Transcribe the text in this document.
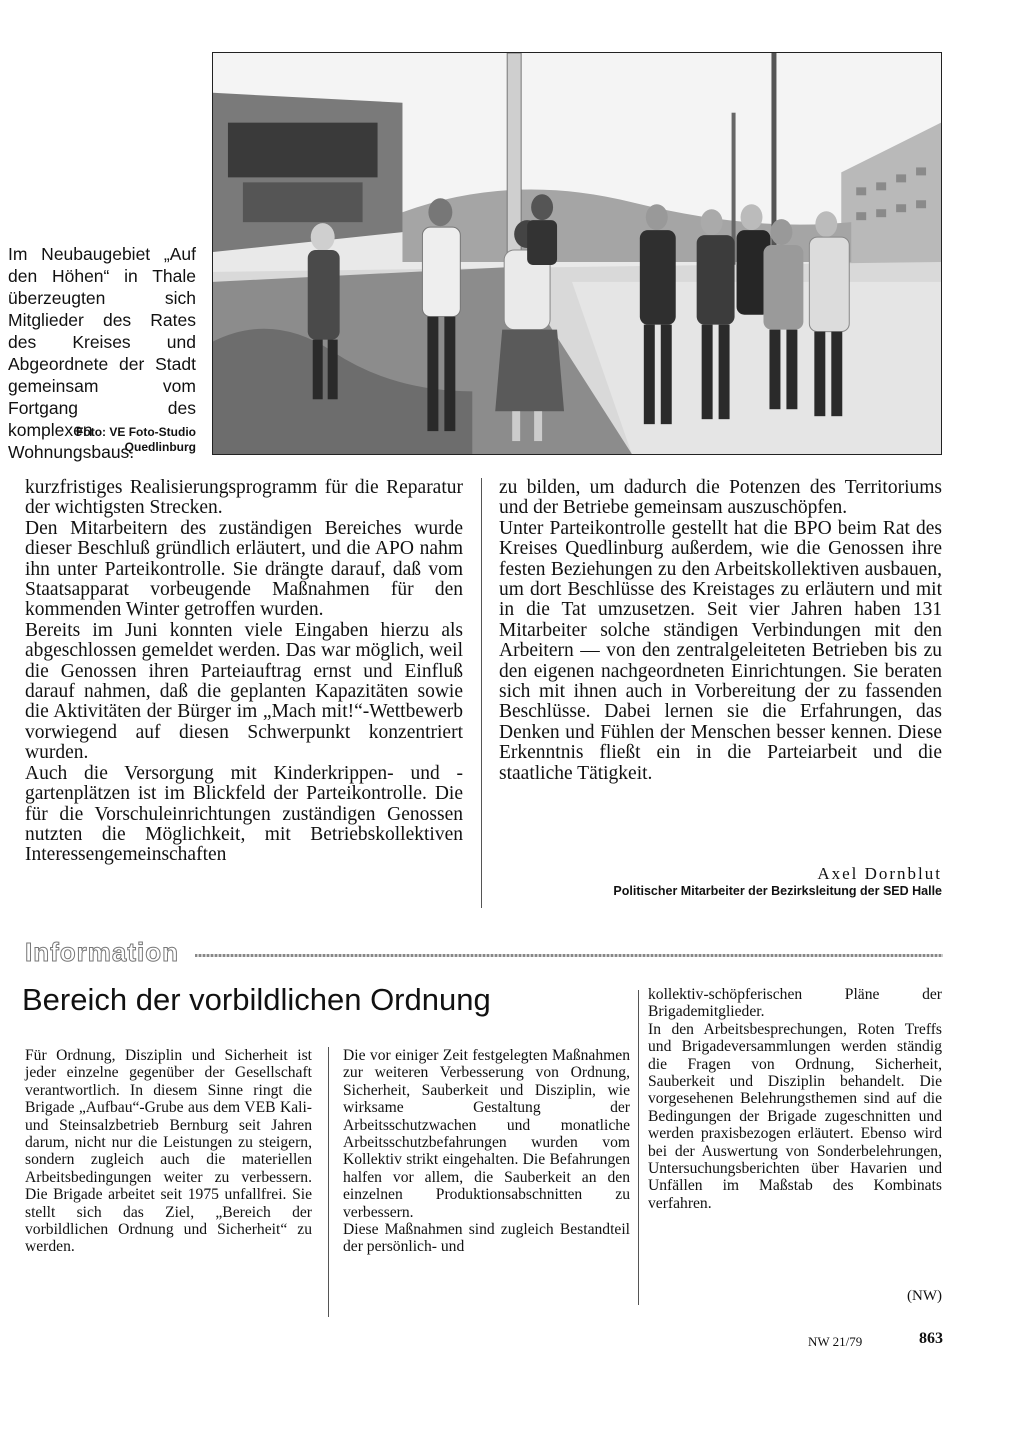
Im Neubaugebiet „Auf den Höhen“ in Thale überzeugten sich Mitglieder des Rates des Kreises und Abgeordnete der Stadt gemeinsam vom Fortgang des komplexen Wohnungsbaus.
Foto: VE Foto-Studio Quedlinburg

kurzfristiges Realisierungsprogramm für die Reparatur der wichtigsten Strecken.

Den Mitarbeitern des zuständigen Bereiches wurde dieser Beschluß gründlich erläutert, und die APO nahm ihn unter Parteikontrolle. Sie drängte darauf, daß vom Staatsapparat vorbeugende Maßnahmen für den kommenden Winter getroffen wurden.

Bereits im Juni konnten viele Eingaben hierzu als abgeschlossen gemeldet werden. Das war möglich, weil die Genossen ihren Parteiauftrag ernst und Einfluß darauf nahmen, daß die geplanten Kapazitäten sowie die Aktivitäten der Bürger im „Mach mit!“-Wettbewerb vorwiegend auf diesen Schwerpunkt konzentriert wurden.

Auch die Versorgung mit Kinderkrippen- und -gartenplätzen ist im Blickfeld der Parteikontrolle. Die für die Vorschuleinrichtungen zuständigen Genossen nutzten die Möglichkeit, mit Betriebskollektiven Interessengemeinschaften

zu bilden, um dadurch die Potenzen des Territoriums und der Betriebe gemeinsam auszuschöpfen.

Unter Parteikontrolle gestellt hat die BPO beim Rat des Kreises Quedlinburg außerdem, wie die Genossen ihre festen Beziehungen zu den Arbeitskollektiven ausbauen, um dort Beschlüsse des Kreistages zu erläutern und mit in die Tat umzusetzen. Seit vier Jahren haben 131 Mitarbeiter solche ständigen Verbindungen mit den Arbeitern — von den zentralgeleiteten Betrieben bis zu den eigenen nachgeordneten Einrichtungen. Sie beraten sich mit ihnen auch in Vorbereitung der zu fassenden Beschlüsse. Dabei lernen sie die Erfahrungen, das Denken und Fühlen der Menschen besser kennen. Diese Erkenntnis fließt ein in die Parteiarbeit und die staatliche Tätigkeit.

Axel Dornblut
Politischer Mitarbeiter der Bezirksleitung der SED Halle
Information
Bereich der vorbildlichen Ordnung

Für Ordnung, Disziplin und Sicherheit ist jeder einzelne gegenüber der Gesellschaft verantwortlich. In diesem Sinne ringt die Brigade „Aufbau“-Grube aus dem VEB Kali- und Steinsalzbetrieb Bernburg seit Jahren darum, nicht nur die Leistungen zu steigern, sondern zugleich auch die materiellen Arbeitsbedingungen weiter zu verbessern. Die Brigade arbeitet seit 1975 unfallfrei. Sie stellt sich das Ziel, „Bereich der vorbildlichen Ordnung und Sicherheit“ zu werden.

Die vor einiger Zeit festgelegten Maßnahmen zur weiteren Verbesserung von Ordnung, Sicherheit, Sauberkeit und Disziplin, wie wirksame Gestaltung der Arbeitsschutzwachen und monatliche Arbeitsschutzbefahrungen wurden vom Kollektiv strikt eingehalten. Die Befahrungen halfen vor allem, die Sauberkeit an den einzelnen Produktionsabschnitten zu verbessern.

Diese Maßnahmen sind zugleich Bestandteil der persönlich- und

kollektiv-schöpferischen Pläne der Brigademitglieder.

In den Arbeitsbesprechungen, Roten Treffs und Brigadeversammlungen werden ständig die Fragen von Ordnung, Sicherheit, Sauberkeit und Disziplin behandelt. Die vorgesehenen Belehrungsthemen sind auf die Bedingungen der Brigade zugeschnitten und werden praxisbezogen erläutert. Ebenso wird bei der Auswertung von Sonderbelehrungen, Untersuchungsberichten über Havarien und Unfällen im Maßstab des Kombinats verfahren.

(NW)
NW 21/79	863
